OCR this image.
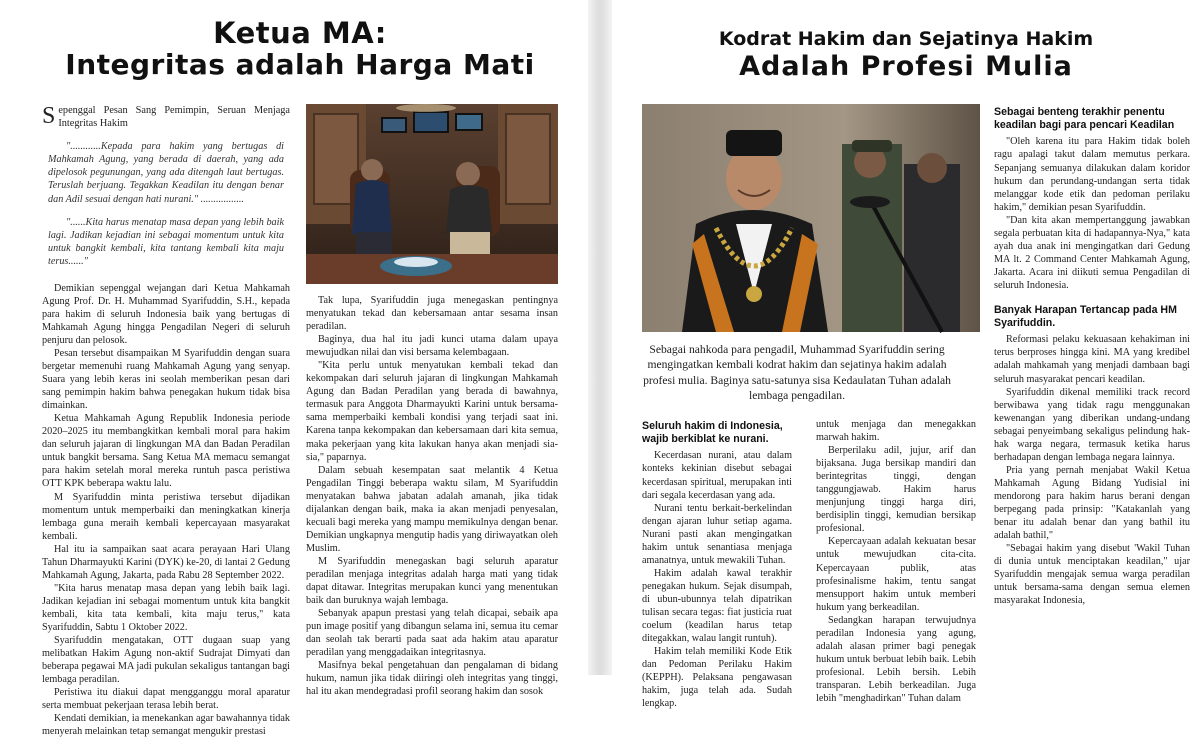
Ketua MA:
Integritas adalah Harga Mati

Sepenggal Pesan Sang Pemimpin, Seruan Menjaga Integritas Hakim

"............Kepada para hakim yang bertugas di Mahkamah Agung, yang berada di daerah, yang ada dipelosok pegunungan, yang ada ditengah laut bertugas. Teruslah berjuang. Tegakkan Keadilan itu dengan benar dan Adil sesuai dengan hati nurani." .................

"......Kita harus menatap masa depan yang lebih baik lagi. Jadikan kejadian ini sebagai momentum untuk kita untuk bangkit kembali, kita tantang kembali kita maju terus......"

Demikian sepenggal wejangan dari Ketua Mahkamah Agung Prof. Dr. H. Muhammad Syarifuddin, S.H., kepada para hakim di seluruh Indonesia baik yang bertugas di Mahkamah Agung hingga Pengadilan Negeri di seluruh penjuru dan pelosok.

Pesan tersebut disampaikan M Syarifuddin dengan suara bergetar memenuhi ruang Mahkamah Agung yang senyap. Suara yang lebih keras ini seolah memberikan pesan dari sang pemimpin hakim bahwa penegakan hukum tidak bisa dimainkan.

Ketua Mahkamah Agung Republik Indonesia periode 2020–2025 itu membangkitkan kembali moral para hakim dan seluruh jajaran di lingkungan MA dan Badan Peradilan untuk bangkit bersama. Sang Ketua MA memacu semangat para hakim setelah moral mereka runtuh pasca peristiwa OTT KPK beberapa waktu lalu.

M Syarifuddin minta peristiwa tersebut dijadikan momentum untuk memperbaiki dan meningkatkan kinerja lembaga guna meraih kembali kepercayaan masyarakat kembali.

Hal itu ia sampaikan saat acara perayaan Hari Ulang Tahun Dharmayukti Karini (DYK) ke-20, di lantai 2 Gedung Mahkamah Agung, Jakarta, pada Rabu 28 September 2022.

"Kita harus menatap masa depan yang lebih baik lagi. Jadikan kejadian ini sebagai momentum untuk kita bangkit kembali, kita tata kembali, kita maju terus," kata Syarifuddin, Sabtu 1 Oktober 2022.

Syarifuddin mengatakan, OTT dugaan suap yang melibatkan Hakim Agung non-aktif Sudrajat Dimyati dan beberapa pegawai MA jadi pukulan sekaligus tantangan bagi lembaga peradilan.

Peristiwa itu diakui dapat mengganggu moral aparatur serta membuat pekerjaan terasa lebih berat.

Kendati demikian, ia menekankan agar bawahannya tidak menyerah melainkan tetap semangat mengukir prestasi

Tak lupa, Syarifuddin juga menegaskan pentingnya menyatukan tekad dan kebersamaan antar sesama insan peradilan.

Baginya, dua hal itu jadi kunci utama dalam upaya mewujudkan nilai dan visi bersama kelembagaan.

"Kita perlu untuk menyatukan kembali tekad dan kekompakan dari seluruh jajaran di lingkungan Mahkamah Agung dan Badan Peradilan yang berada di bawahnya, termasuk para Anggota Dharmayukti Karini untuk bersama-sama memperbaiki kembali kondisi yang terjadi saat ini. Karena tanpa kekompakan dan kebersamaan dari kita semua, maka pekerjaan yang kita lakukan hanya akan menjadi sia-sia," paparnya.

Dalam sebuah kesempatan saat melantik 4 Ketua Pengadilan Tinggi beberapa waktu silam, M Syarifuddin menyatakan bahwa jabatan adalah amanah, jika tidak dijalankan dengan baik, maka ia akan menjadi penyesalan, kecuali bagi mereka yang mampu memikulnya dengan benar. Demikian ungkapnya mengutip hadis yang diriwayatkan oleh Muslim.

M Syarifuddin menegaskan bagi seluruh aparatur peradilan menjaga integritas adalah harga mati yang tidak dapat ditawar. Integritas merupakan kunci yang menentukan baik dan buruknya wajah lembaga.

Sebanyak apapun prestasi yang telah dicapai, sebaik apa pun image positif yang dibangun selama ini, semua itu cemar dan seolah tak berarti pada saat ada hakim atau aparatur peradilan yang menggadaikan integritasnya.

Masifnya bekal pengetahuan dan pengalaman di bidang hukum, namun jika tidak diiringi oleh integritas yang tinggi, hal itu akan mendegradasi profil seorang hakim dan sosok

Kodrat Hakim dan Sejatinya Hakim
Adalah Profesi Mulia

Sebagai nahkoda para pengadil, Muhammad Syarifuddin sering mengingatkan kembali kodrat hakim dan sejatinya hakim adalah profesi mulia. Baginya satu-satunya sisa Kedaulatan Tuhan adalah lembaga pengadilan.

Sebagai benteng terakhir penentu keadilan bagi para pencari Keadilan

"Oleh karena itu para Hakim tidak boleh ragu apalagi takut dalam memutus perkara. Sepanjang semuanya dilakukan dalam koridor hukum dan perundang-undangan serta tidak melanggar kode etik dan pedoman perilaku hakim," demikian pesan Syarifuddin.

"Dan kita akan mempertanggung jawabkan segala perbuatan kita di hadapannya-Nya," kata ayah dua anak ini mengingatkan dari Gedung MA lt. 2 Command Center Mahkamah Agung, Jakarta. Acara ini diikuti semua Pengadilan di seluruh Indonesia.

Banyak Harapan Tertancap pada HM Syarifuddin.

Reformasi pelaku kekuasaan kehakiman ini terus berproses hingga kini. MA yang kredibel adalah mahkamah yang menjadi dambaan bagi seluruh masyarakat pencari keadilan.

Syarifuddin dikenal memiliki track record berwibawa yang tidak ragu menggunakan kewenangan yang diberikan undang-undang sebagai penyeimbang sekaligus pelindung hak-hak warga negara, termasuk ketika harus berhadapan dengan lembaga negara lainnya.

Pria yang pernah menjabat Wakil Ketua Mahkamah Agung Bidang Yudisial ini mendorong para hakim harus berani dengan berpegang pada prinsip: "Katakanlah yang benar itu adalah benar dan yang bathil itu adalah bathil,"

"Sebagai hakim yang disebut 'Wakil Tuhan di dunia untuk menciptakan keadilan," ujar Syarifuddin mengajak semua warga peradilan untuk bersama-sama dengan semua elemen masyarakat Indonesia,

Seluruh hakim di Indonesia, wajib berkiblat ke nurani.

Kecerdasan nurani, atau dalam konteks kekinian disebut sebagai kecerdasan spiritual, merupakan inti dari segala kecerdasan yang ada.

Nurani tentu berkait-berkelindan dengan ajaran luhur setiap agama. Nurani pasti akan mengingatkan hakim untuk senantiasa menjaga amanatnya, untuk mewakili Tuhan.

Hakim adalah kawal terakhir penegakan hukum. Sejak disumpah, di ubun-ubunnya telah dipatrikan tulisan secara tegas: fiat justicia ruat coelum (keadilan harus tetap ditegakkan, walau langit runtuh).

Hakim telah memiliki Kode Etik dan Pedoman Perilaku Hakim (KEPPH). Pelaksana pengawasan hakim, juga telah ada. Sudah lengkap.

untuk menjaga dan menegakkan marwah hakim.

Berperilaku adil, jujur, arif dan bijaksana. Juga bersikap mandiri dan berintegritas tinggi, dengan tanggungjawab. Hakim harus menjunjung tinggi harga diri, berdisiplin tinggi, kemudian bersikap profesional.

Kepercayaan adalah kekuatan besar untuk mewujudkan cita-cita. Kepercayaan publik, atas profesinalisme hakim, tentu sangat mensupport hakim untuk memberi hukum yang berkeadilan.

Sedangkan harapan terwujudnya peradilan Indonesia yang agung, adalah alasan primer bagi penegak hukum untuk berbuat lebih baik. Lebih profesional. Lebih bersih. Lebih transparan. Lebih berkeadilan. Juga lebih "menghadirkan" Tuhan dalam
